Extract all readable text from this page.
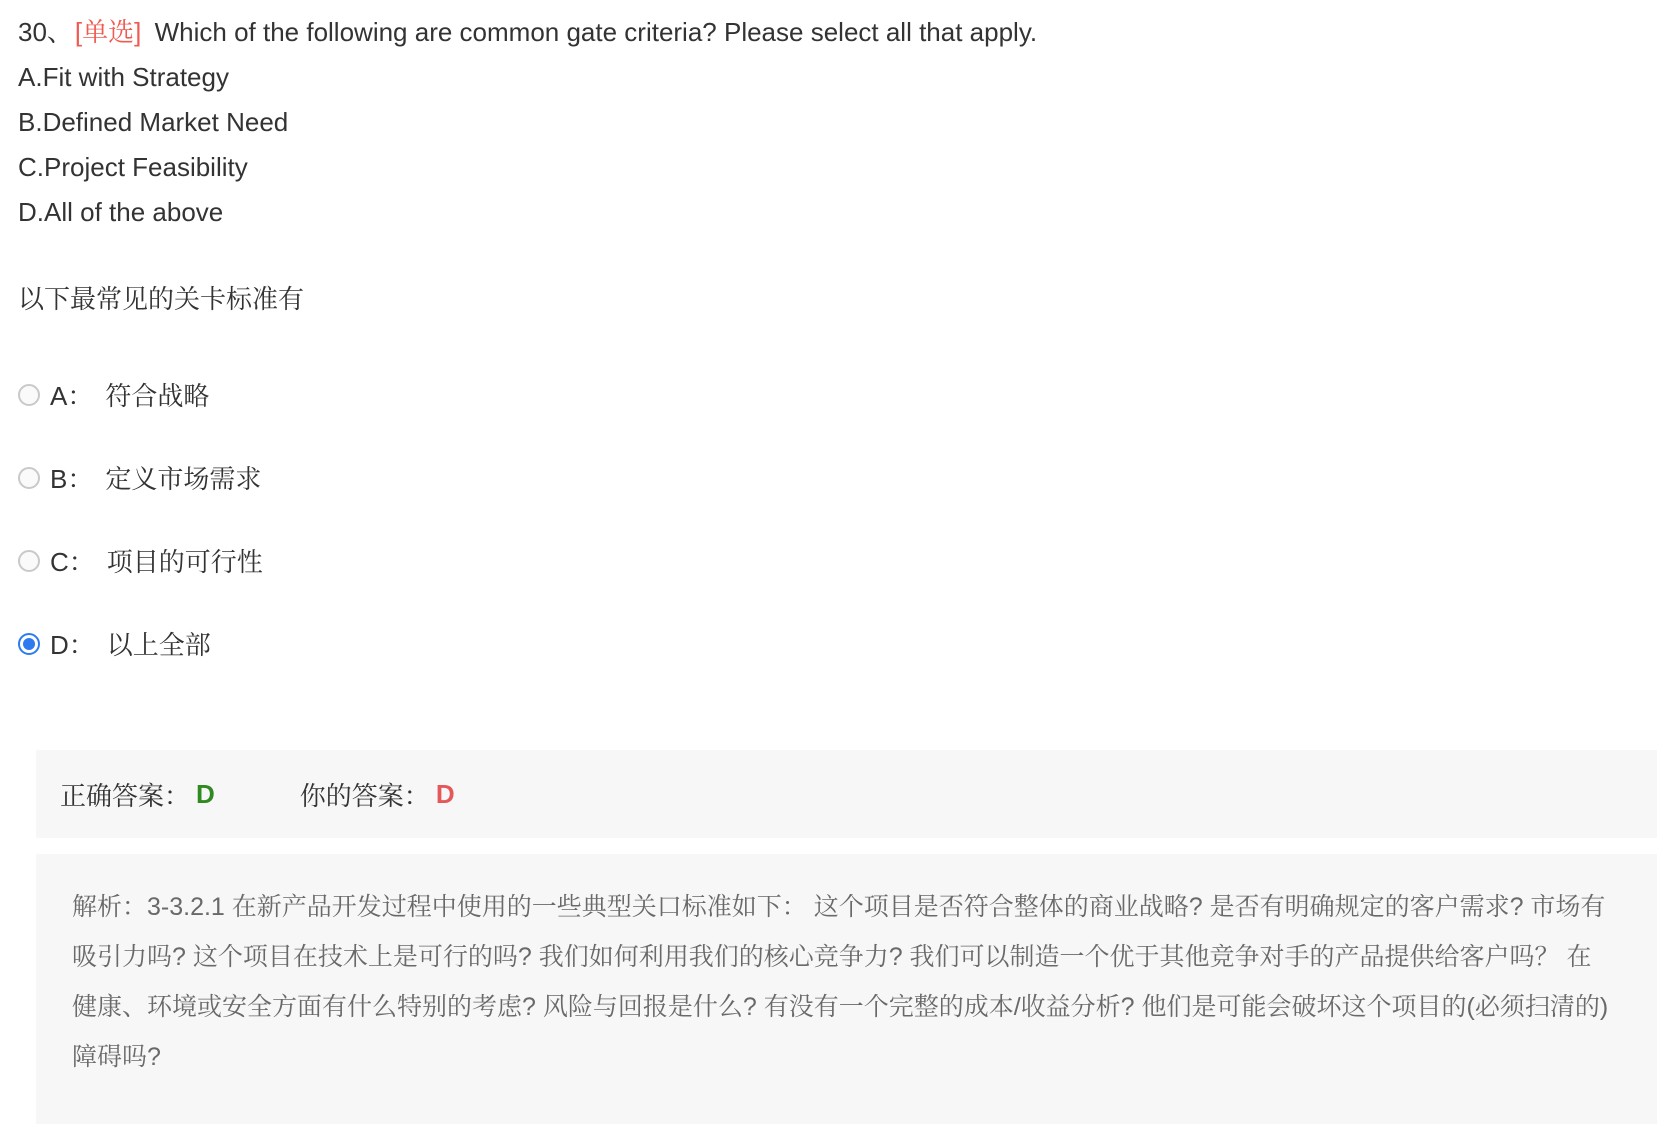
30、[单选] Which of the following are common gate criteria? Please select all that apply.
A.Fit with Strategy
B.Defined Market Need
C.Project Feasibility
D.All of the above
以下最常见的关卡标准有
A： 符合战略
B： 定义市场需求
C： 项目的可行性
D： 以上全部
正确答案： D	你的答案： D
解析：3-3.2.1 在新产品开发过程中使用的一些典型关口标准如下： 这个项目是否符合整体的商业战略? 是否有明确规定的客户需求? 市场有吸引力吗? 这个项目在技术上是可行的吗? 我们如何利用我们的核心竞争力? 我们可以制造一个优于其他竞争对手的产品提供给客户吗？ 在健康、环境或安全方面有什么特别的考虑? 风险与回报是什么? 有没有一个完整的成本/收益分析? 他们是可能会破坏这个项目的(必须扫清的)障碍吗?
